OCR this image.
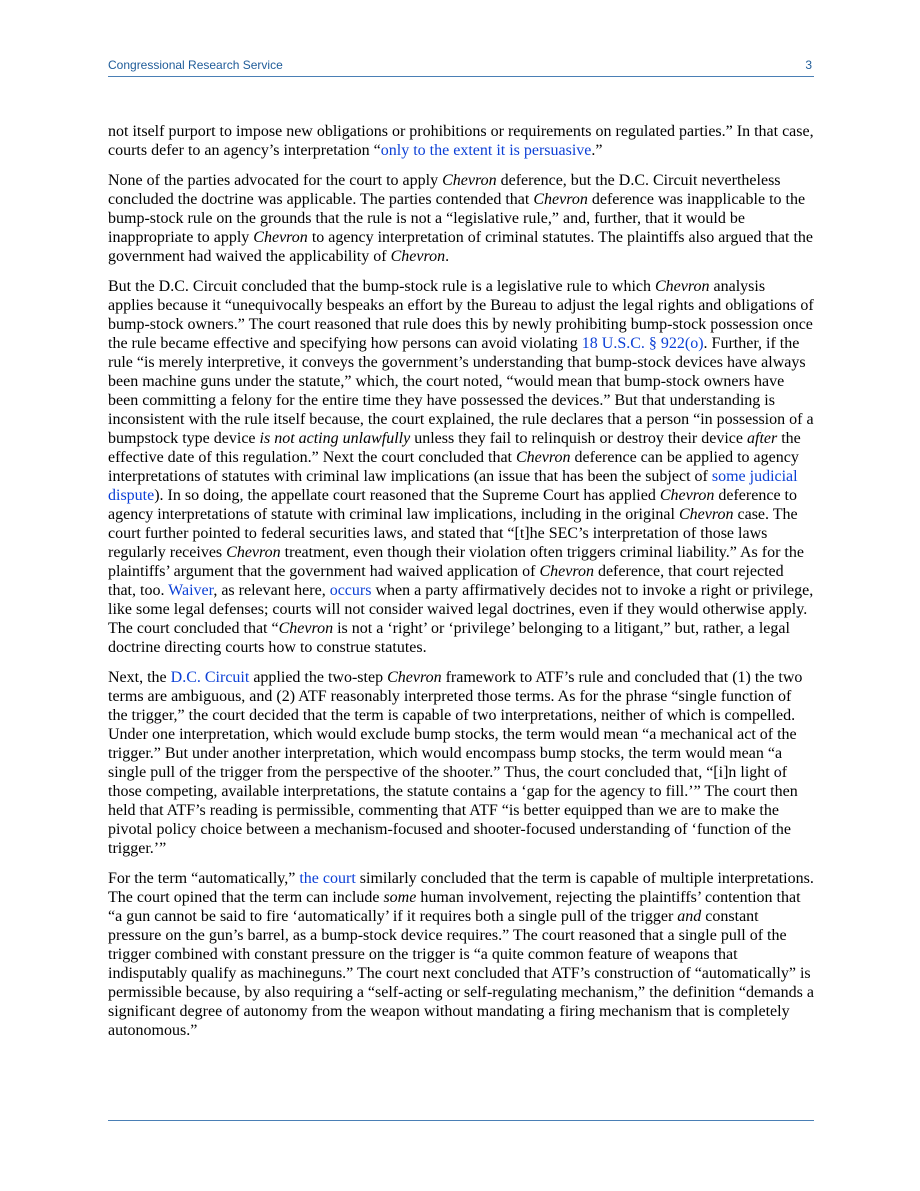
Congressional Research Service	3

not itself purport to impose new obligations or prohibitions or requirements on regulated parties.” In that case, courts defer to an agency’s interpretation “only to the extent it is persuasive.”

None of the parties advocated for the court to apply Chevron deference, but the D.C. Circuit nevertheless concluded the doctrine was applicable. The parties contended that Chevron deference was inapplicable to the bump-stock rule on the grounds that the rule is not a “legislative rule,” and, further, that it would be inappropriate to apply Chevron to agency interpretation of criminal statutes. The plaintiffs also argued that the government had waived the applicability of Chevron.

But the D.C. Circuit concluded that the bump-stock rule is a legislative rule to which Chevron analysis applies because it “unequivocally bespeaks an effort by the Bureau to adjust the legal rights and obligations of bump-stock owners.” The court reasoned that rule does this by newly prohibiting bump-stock possession once the rule became effective and specifying how persons can avoid violating 18 U.S.C. § 922(o). Further, if the rule “is merely interpretive, it conveys the government’s understanding that bump-stock devices have always been machine guns under the statute,” which, the court noted, “would mean that bump-stock owners have been committing a felony for the entire time they have possessed the devices.” But that understanding is inconsistent with the rule itself because, the court explained, the rule declares that a person “in possession of a bumpstock type device is not acting unlawfully unless they fail to relinquish or destroy their device after the effective date of this regulation.” Next the court concluded that Chevron deference can be applied to agency interpretations of statutes with criminal law implications (an issue that has been the subject of some judicial dispute). In so doing, the appellate court reasoned that the Supreme Court has applied Chevron deference to agency interpretations of statute with criminal law implications, including in the original Chevron case. The court further pointed to federal securities laws, and stated that “[t]he SEC’s interpretation of those laws regularly receives Chevron treatment, even though their violation often triggers criminal liability.” As for the plaintiffs’ argument that the government had waived application of Chevron deference, that court rejected that, too. Waiver, as relevant here, occurs when a party affirmatively decides not to invoke a right or privilege, like some legal defenses; courts will not consider waived legal doctrines, even if they would otherwise apply. The court concluded that “Chevron is not a ‘right’ or ‘privilege’ belonging to a litigant,” but, rather, a legal doctrine directing courts how to construe statutes.

Next, the D.C. Circuit applied the two-step Chevron framework to ATF’s rule and concluded that (1) the two terms are ambiguous, and (2) ATF reasonably interpreted those terms. As for the phrase “single function of the trigger,” the court decided that the term is capable of two interpretations, neither of which is compelled. Under one interpretation, which would exclude bump stocks, the term would mean “a mechanical act of the trigger.” But under another interpretation, which would encompass bump stocks, the term would mean “a single pull of the trigger from the perspective of the shooter.” Thus, the court concluded that, “[i]n light of those competing, available interpretations, the statute contains a ‘gap for the agency to fill.’” The court then held that ATF’s reading is permissible, commenting that ATF “is better equipped than we are to make the pivotal policy choice between a mechanism-focused and shooter-focused understanding of ‘function of the trigger.’”

For the term “automatically,” the court similarly concluded that the term is capable of multiple interpretations. The court opined that the term can include some human involvement, rejecting the plaintiffs’ contention that “a gun cannot be said to fire ‘automatically’ if it requires both a single pull of the trigger and constant pressure on the gun’s barrel, as a bump-stock device requires.” The court reasoned that a single pull of the trigger combined with constant pressure on the trigger is “a quite common feature of weapons that indisputably qualify as machineguns.” The court next concluded that ATF’s construction of “automatically” is permissible because, by also requiring a “self-acting or self-regulating mechanism,” the definition “demands a significant degree of autonomy from the weapon without mandating a firing mechanism that is completely autonomous.”
